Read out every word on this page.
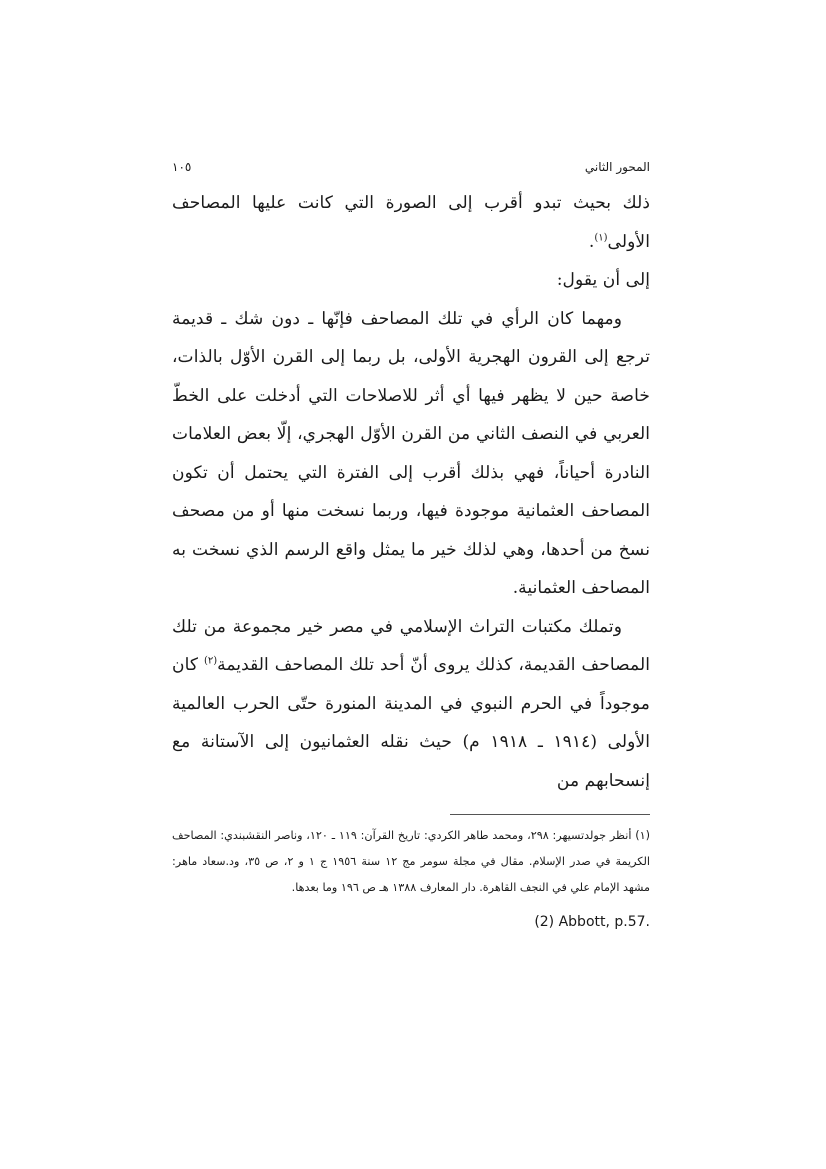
المحور الثاني
١٠٥

ذلك بحيث تبدو أقرب إلى الصورة التي كانت عليها المصاحف الأولى$^{(١)}$.

إلى أن يقول:

ومهما كان الرأي في تلك المصاحف فإنّها ـ دون شك ـ قديمة ترجع إلى القرون الهجرية الأولى، بل ربما إلى القرن الأوّل بالذات، خاصة حين لا يظهر فيها أي أثر للاصلاحات التي أدخلت على الخطّ العربي في النصف الثاني من القرن الأوّل الهجري، إلّا بعض العلامات النادرة أحياناً، فهي بذلك أقرب إلى الفترة التي يحتمل أن تكون المصاحف العثمانية موجودة فيها، وربما نسخت منها أو من مصحف نسخ من أحدها، وهي لذلك خير ما يمثل واقع الرسم الذي نسخت به المصاحف العثمانية.

وتملك مكتبات التراث الإسلامي في مصر خير مجموعة من تلك المصاحف القديمة، كذلك يروى أنّ أحد تلك المصاحف القديمة$^{(٢)}$ كان موجوداً في الحرم النبوي في المدينة المنورة حتّى الحرب العالمية الأولى (١٩١٤ ـ ١٩١٨ م) حيث نقله العثمانيون إلى الآستانة مع إنسحابهم من

(١) أنظر جولدتسيهر: ٢٩٨، ومحمد طاهر الكردي: تاريخ القرآن: ١١٩ ـ ١٢٠، وناصر النقشبندي: المصاحف الكريمة في صدر الإسلام. مقال في مجلة سومر مج ١٢ سنة ١٩٥٦ ج ١ و ٢، ص ٣٥، ود.سعاد ماهر: مشهد الإمام علي في النجف القاهرة. دار المعارف ١٣٨٨ هـ ص ١٩٦ وما بعدها.

(2) Abbott, p.57.
